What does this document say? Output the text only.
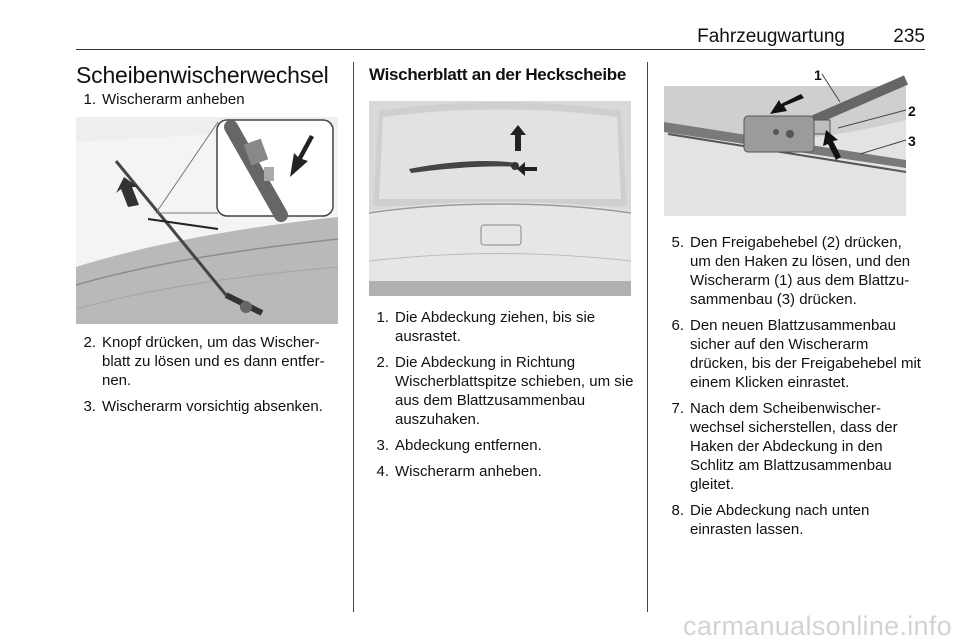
Fahrzeugwartung	235
Scheibenwischerwechsel
1. Wischerarm anheben
2. Knopf drücken, um das Wischerblatt zu lösen und es dann entfernen.
3. Wischerarm vorsichtig absenken.
Wischerblatt an der Heckscheibe
1. Die Abdeckung ziehen, bis sie ausrastet.
2. Die Abdeckung in Richtung Wischerblattspitze schieben, um sie aus dem Blattzusammenbau auszuhaken.
3. Abdeckung entfernen.
4. Wischerarm anheben.
1
2
3
5. Den Freigabehebel (2) drücken, um den Haken zu lösen, und den Wischerarm (1) aus dem Blattzusammenbau (3) drücken.
6. Den neuen Blattzusammenbau sicher auf den Wischerarm drücken, bis der Freigabehebel mit einem Klicken einrastet.
7. Nach dem Scheibenwischerwechsel sicherstellen, dass der Haken der Abdeckung in den Schlitz am Blattzusammenbau gleitet.
8. Die Abdeckung nach unten einrasten lassen.
carmanualsonline.info
